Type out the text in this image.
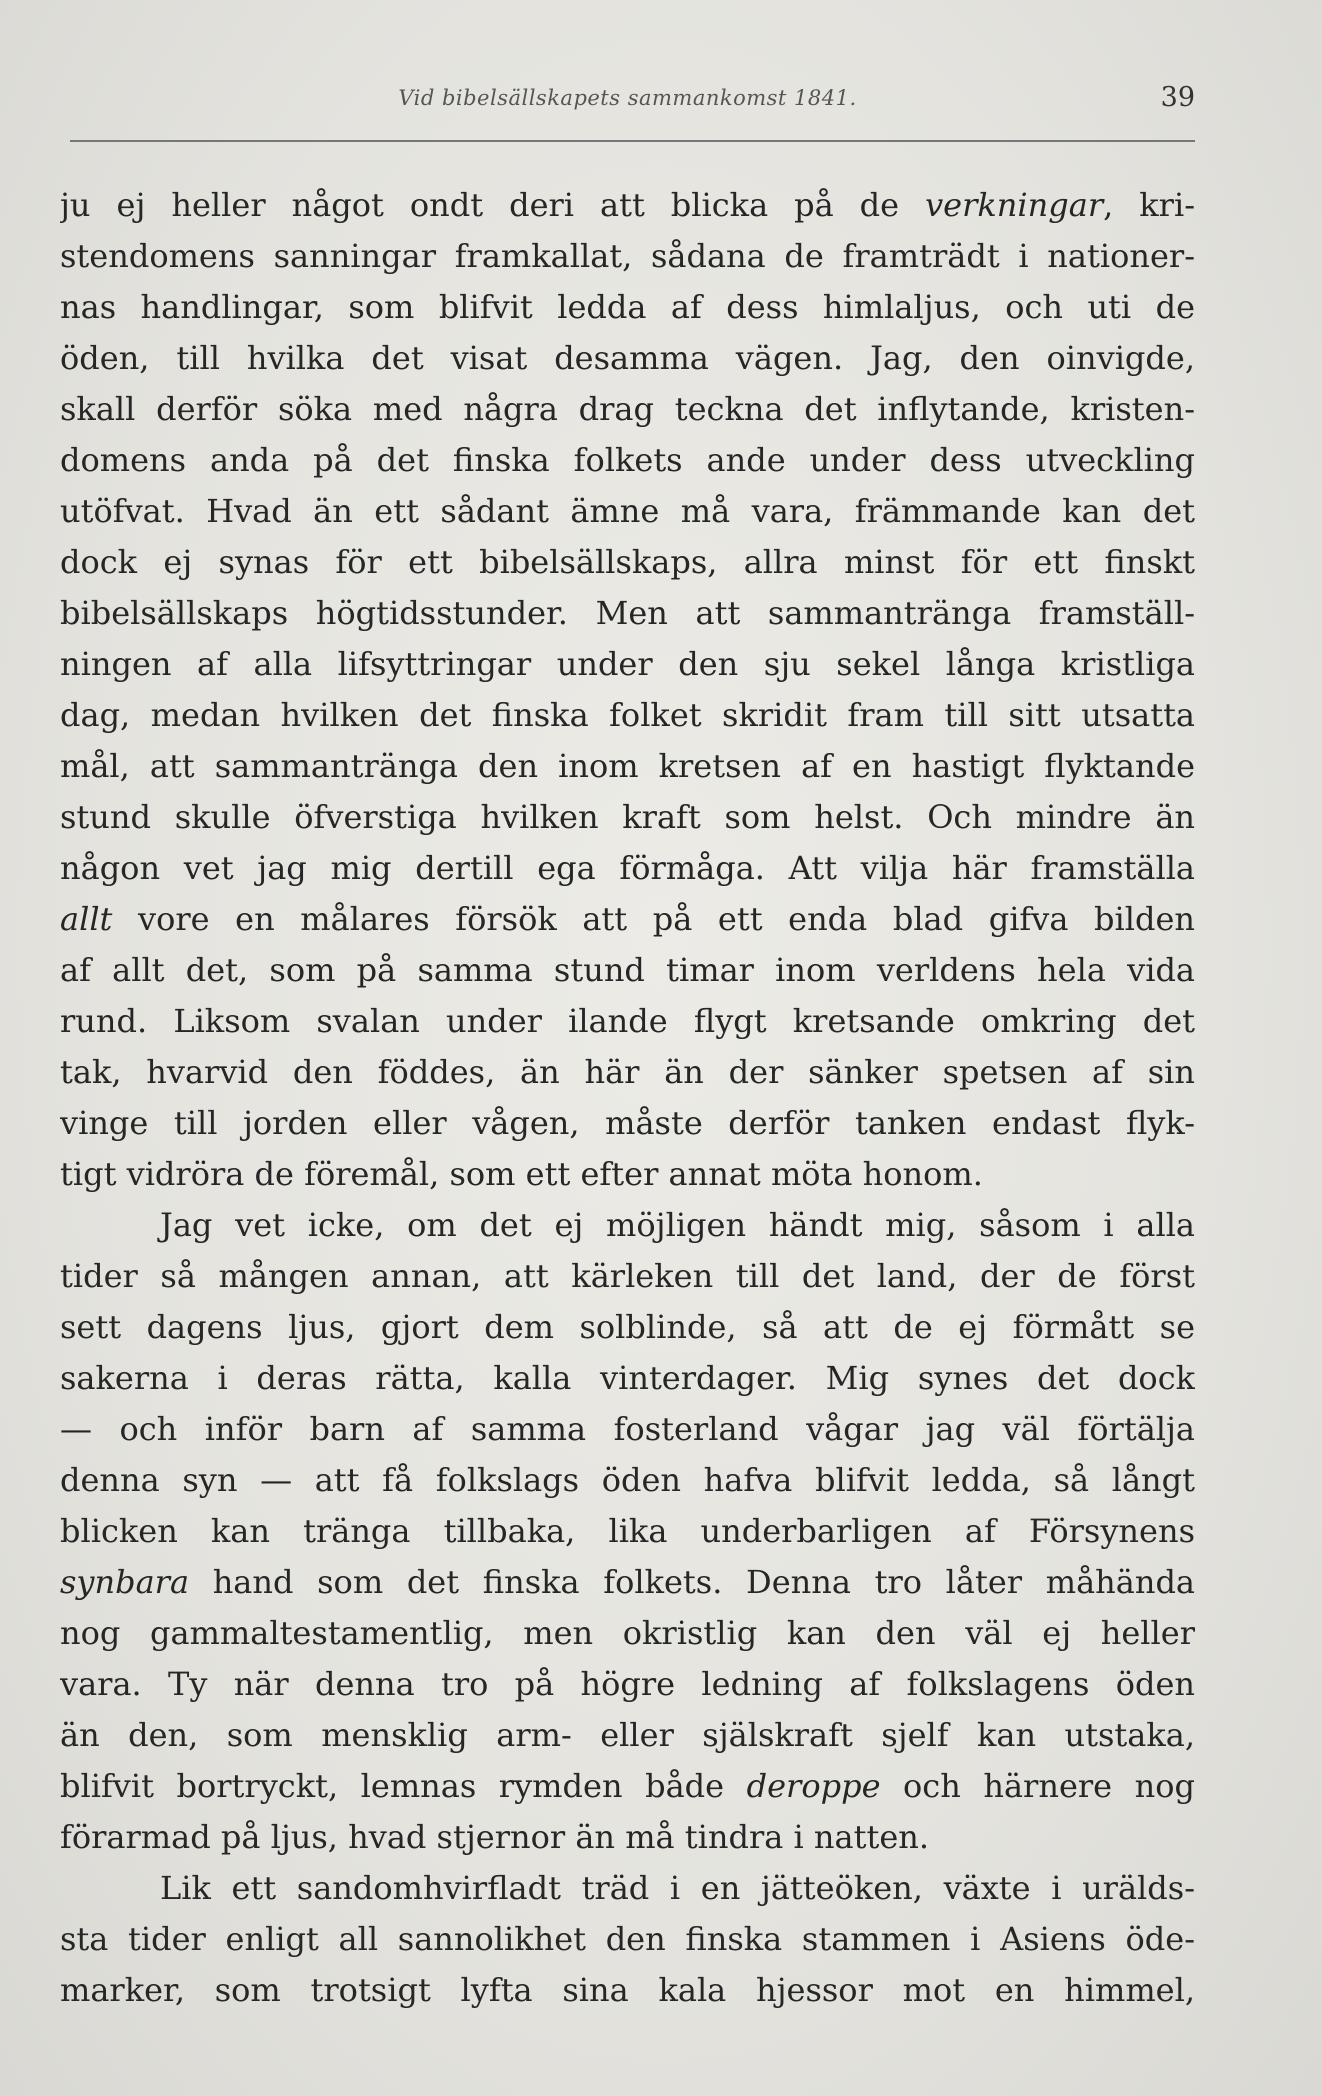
Vid bibelsällskapets sammankomst 1841.	39
ju ej heller något ondt deri att blicka på de verkningar, kri-
stendomens sanningar framkallat, sådana de framträdt i nationer-
nas handlingar, som blifvit ledda af dess himlaljus, och uti de
öden, till hvilka det visat desamma vägen. Jag, den oinvigde,
skall derför söka med några drag teckna det inflytande, kristen-
domens anda på det finska folkets ande under dess utveckling
utöfvat. Hvad än ett sådant ämne må vara, främmande kan det
dock ej synas för ett bibelsällskaps, allra minst för ett finskt
bibelsällskaps högtidsstunder. Men att sammantränga framställ-
ningen af alla lifsyttringar under den sju sekel långa kristliga
dag, medan hvilken det finska folket skridit fram till sitt utsatta
mål, att sammantränga den inom kretsen af en hastigt flyktande
stund skulle öfverstiga hvilken kraft som helst. Och mindre än
någon vet jag mig dertill ega förmåga. Att vilja här framställa
allt vore en målares försök att på ett enda blad gifva bilden
af allt det, som på samma stund timar inom verldens hela vida
rund. Liksom svalan under ilande flygt kretsande omkring det
tak, hvarvid den föddes, än här än der sänker spetsen af sin
vinge till jorden eller vågen, måste derför tanken endast flyk-
tigt vidröra de föremål, som ett efter annat möta honom.
Jag vet icke, om det ej möjligen händt mig, såsom i alla
tider så mången annan, att kärleken till det land, der de först
sett dagens ljus, gjort dem solblinde, så att de ej förmått se
sakerna i deras rätta, kalla vinterdager. Mig synes det dock
— och inför barn af samma fosterland vågar jag väl förtälja
denna syn — att få folkslags öden hafva blifvit ledda, så långt
blicken kan tränga tillbaka, lika underbarligen af Försynens
synbara hand som det finska folkets. Denna tro låter måhända
nog gammaltestamentlig, men okristlig kan den väl ej heller
vara. Ty när denna tro på högre ledning af folkslagens öden
än den, som mensklig arm- eller själskraft sjelf kan utstaka,
blifvit bortryckt, lemnas rymden både deroppe och härnere nog
förarmad på ljus, hvad stjernor än må tindra i natten.
Lik ett sandomhvirfladt träd i en jätteöken, växte i urälds-
sta tider enligt all sannolikhet den finska stammen i Asiens öde-
marker, som trotsigt lyfta sina kala hjessor mot en himmel,
